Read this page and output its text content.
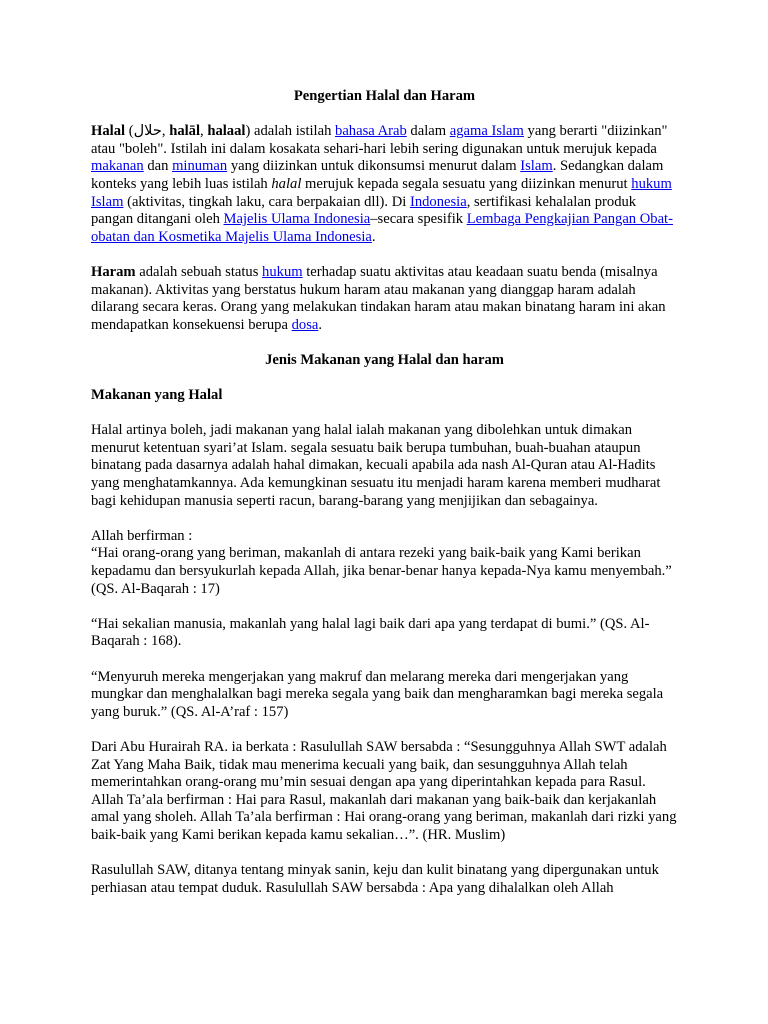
Pengertian Halal dan Haram

Halal (حلال, halāl, halaal) adalah istilah bahasa Arab dalam agama Islam yang berarti "diizinkan" atau "boleh". Istilah ini dalam kosakata sehari-hari lebih sering digunakan untuk merujuk kepada makanan dan minuman yang diizinkan untuk dikonsumsi menurut dalam Islam. Sedangkan dalam konteks yang lebih luas istilah halal merujuk kepada segala sesuatu yang diizinkan menurut hukum Islam (aktivitas, tingkah laku, cara berpakaian dll). Di Indonesia, sertifikasi kehalalan produk pangan ditangani oleh Majelis Ulama Indonesia–secara spesifik Lembaga Pengkajian Pangan Obat-obatan dan Kosmetika Majelis Ulama Indonesia.

Haram adalah sebuah status hukum terhadap suatu aktivitas atau keadaan suatu benda (misalnya makanan). Aktivitas yang berstatus hukum haram atau makanan yang dianggap haram adalah dilarang secara keras. Orang yang melakukan tindakan haram atau makan binatang haram ini akan mendapatkan konsekuensi berupa dosa.

Jenis Makanan yang Halal dan haram
Makanan yang Halal

Halal artinya boleh, jadi makanan yang halal ialah makanan yang dibolehkan untuk dimakan menurut ketentuan syari’at Islam. segala sesuatu baik berupa tumbuhan, buah-buahan ataupun binatang pada dasarnya adalah hahal dimakan, kecuali apabila ada nash Al-Quran atau Al-Hadits yang menghatamkannya. Ada kemungkinan sesuatu itu menjadi haram karena memberi mudharat bagi kehidupan manusia seperti racun, barang-barang yang menjijikan dan sebagainya.

Allah berfirman :
“Hai orang-orang yang beriman, makanlah di antara rezeki yang baik-baik yang Kami berikan kepadamu dan bersyukurlah kepada Allah, jika benar-benar hanya kepada-Nya kamu menyembah.” (QS. Al-Baqarah : 17)

“Hai sekalian manusia, makanlah yang halal lagi baik dari apa yang terdapat di bumi.” (QS. Al-Baqarah : 168).

“Menyuruh mereka mengerjakan yang makruf dan melarang mereka dari mengerjakan yang mungkar dan menghalalkan bagi mereka segala yang baik dan mengharamkan bagi mereka segala yang buruk.” (QS. Al-A’raf : 157)

Dari Abu Hurairah RA. ia berkata : Rasulullah SAW bersabda : “Sesungguhnya Allah SWT adalah Zat Yang Maha Baik, tidak mau menerima kecuali yang baik, dan sesungguhnya Allah telah memerintahkan orang-orang mu’min sesuai dengan apa yang diperintahkan kepada para Rasul. Allah Ta’ala berfirman : Hai para Rasul, makanlah dari makanan yang baik-baik dan kerjakanlah amal yang sholeh. Allah Ta’ala berfirman : Hai orang-orang yang beriman, makanlah dari rizki yang baik-baik yang Kami berikan kepada kamu sekalian…”. (HR. Muslim)

Rasulullah SAW, ditanya tentang minyak sanin, keju dan kulit binatang yang dipergunakan untuk perhiasan atau tempat duduk. Rasulullah SAW bersabda : Apa yang dihalalkan oleh Allah
